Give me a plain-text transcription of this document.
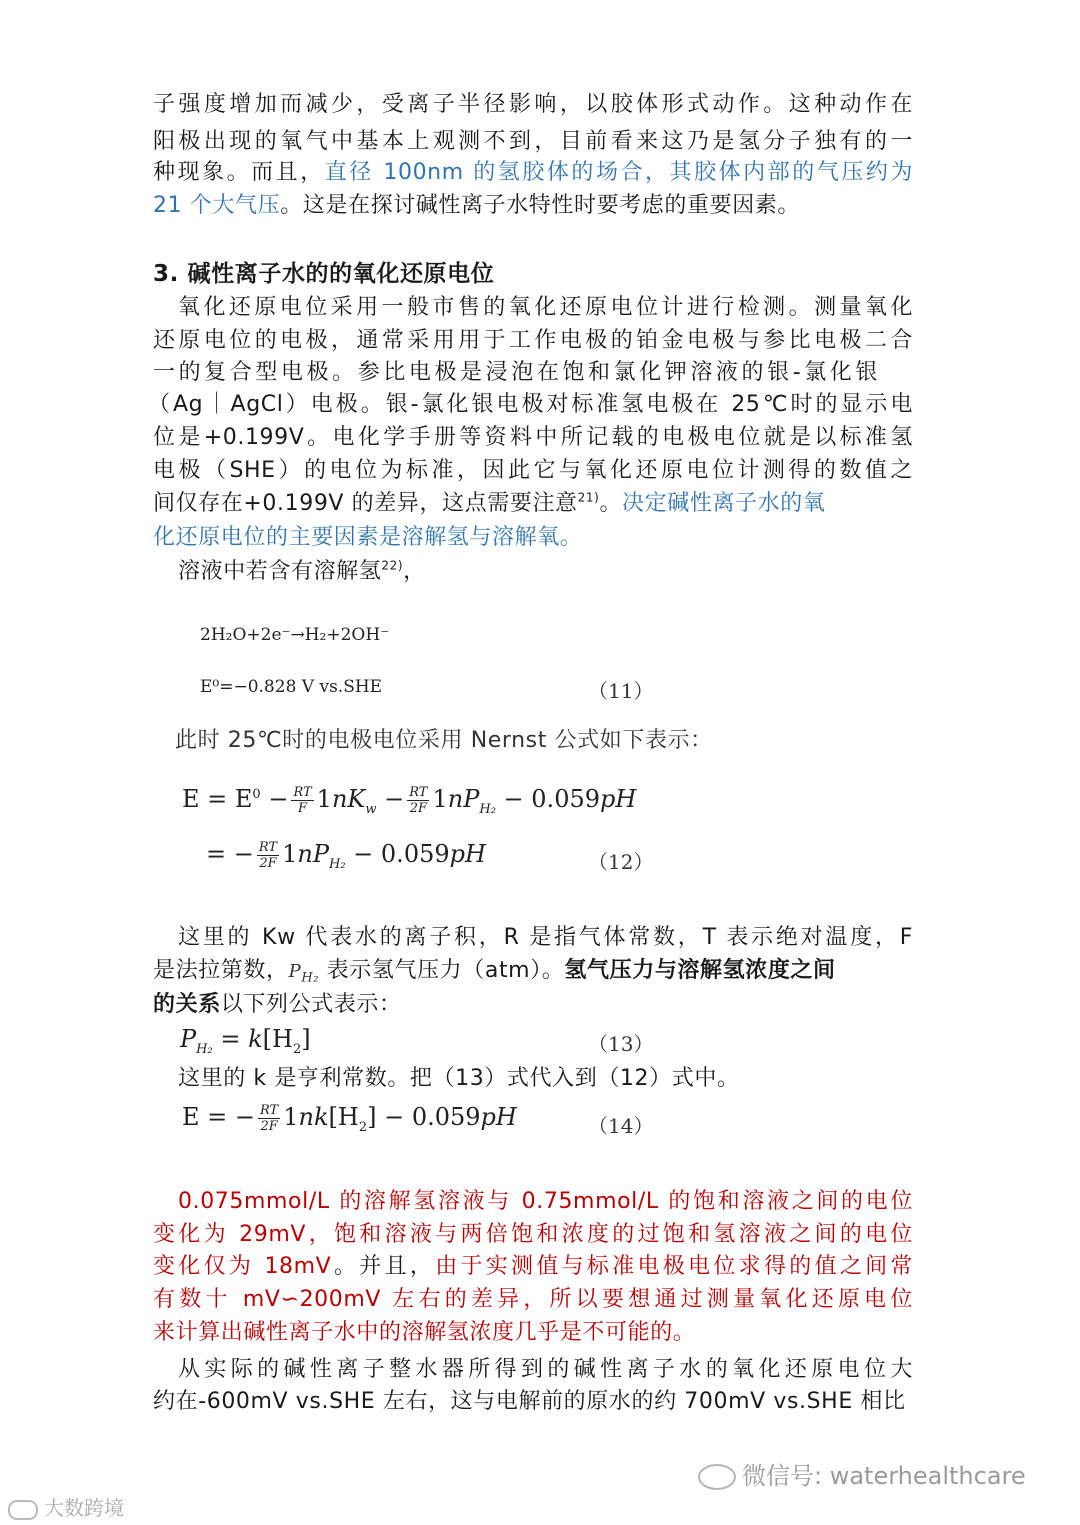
子强度增加而减少，受离子半径影响，以胶体形式动作。这种动作在
阳极出现的氧气中基本上观测不到，目前看来这乃是氢分子独有的一
种现象。而且，直径 100nm 的氢胶体的场合，其胶体内部的气压约为
21 个大气压。这是在探讨碱性离子水特性时要考虑的重要因素。
3. 碱性离子水的的氧化还原电位
氧化还原电位采用一般市售的氧化还原电位计进行检测。测量氧化
还原电位的电极，通常采用用于工作电极的铂金电极与参比电极二合
一的复合型电极。参比电极是浸泡在饱和氯化钾溶液的银-氯化银
（Ag｜AgCl）电极。银-氯化银电极对标准氢电极在 25℃时的显示电
位是+0.199V。电化学手册等资料中所记载的电极电位就是以标准氢
电极（SHE）的电位为标准，因此它与氧化还原电位计测得的数值之
间仅存在+0.199V 的差异，这点需要注意$^{21)}$。决定碱性离子水的氧
化还原电位的主要因素是溶解氢与溶解氧。
溶液中若含有溶解氢$^{22)}$，
2H₂O+2e⁻→H₂+2OH⁻
E⁰=−0.828 V vs.SHE	（11）
此时 25℃时的电极电位采用 Nernst 公式如下表示：
$E = E^0 - \frac{RT}{F} 1nK_w - \frac{RT}{2F} 1nP_{H_2} - 0.059pH$
= − $\frac{RT}{2F} 1nP_{H_2} - 0.059pH$	（12）
这里的 Kw 代表水的离子积，R 是指气体常数，T 表示绝对温度，F
是法拉第数，$P_{H_2}$ 表示氢气压力（atm）。氢气压力与溶解氢浓度之间
的关系以下列公式表示：
$P_{H_2} = k[H_2]$	（13）
这里的 k 是亨利常数。把（13）式代入到（12）式中。
E = − $\frac{RT}{2F} 1nk[H_2] - 0.059pH$	（14）
0.075mmol/L 的溶解氢溶液与 0.75mmol/L 的饱和溶液之间的电位
变化为 29mV，饱和溶液与两倍饱和浓度的过饱和氢溶液之间的电位
变化仅为 18mV。并且，由于实测值与标准电极电位求得的值之间常
有数十 mV∽200mV 左右的差异，所以要想通过测量氧化还原电位
来计算出碱性离子水中的溶解氢浓度几乎是不可能的。
从实际的碱性离子整水器所得到的碱性离子水的氧化还原电位大
约在-600mV vs.SHE 左右，这与电解前的原水的约 700mV vs.SHE 相比
大数跨境
微信号: waterhealthcare
